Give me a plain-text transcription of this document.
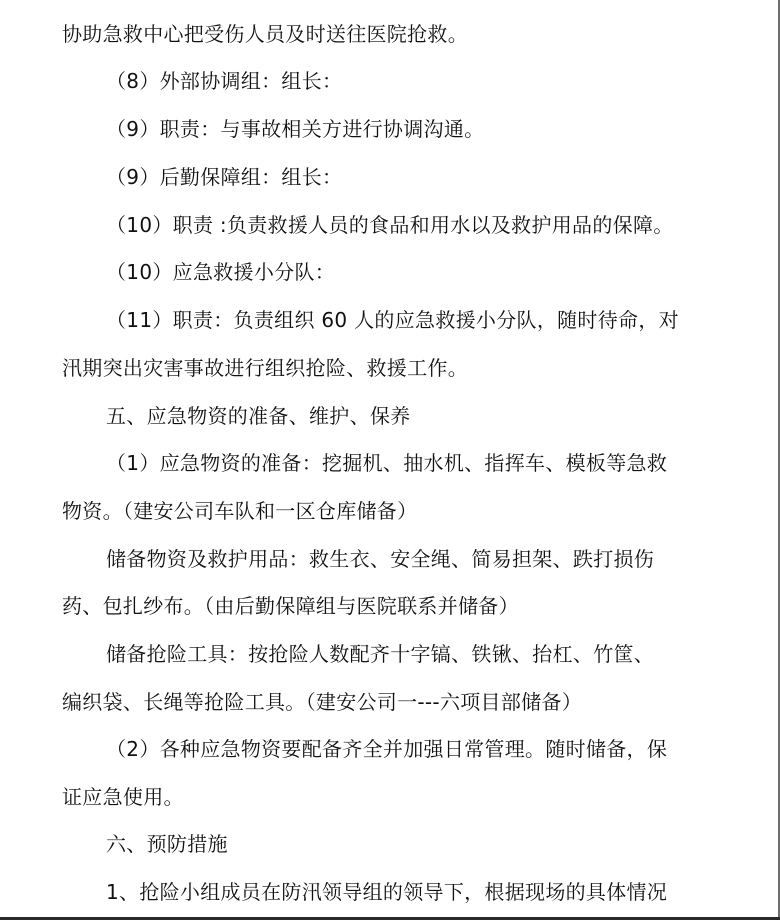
协助急救中心把受伤人员及时送往医院抢救。
（8）外部协调组：组长：
（9）职责：与事故相关方进行协调沟通。
（9）后勤保障组：组长：
（10）职责 :负责救援人员的食品和用水以及救护用品的保障。
（10）应急救援小分队：
（11）职责：负责组织 60 人的应急救援小分队，随时待命，对
汛期突出灾害事故进行组织抢险、救援工作。
五、应急物资的准备、维护、保养
（1）应急物资的准备：挖掘机、抽水机、指挥车、模板等急救
物资。（建安公司车队和一区仓库储备）
储备物资及救护用品：救生衣、安全绳、简易担架、跌打损伤
药、包扎纱布。（由后勤保障组与医院联系并储备）
储备抢险工具：按抢险人数配齐十字镐、铁锹、抬杠、竹筐、
编织袋、长绳等抢险工具。（建安公司一---六项目部储备）
（2）各种应急物资要配备齐全并加强日常管理。随时储备，保
证应急使用。
六、预防措施
1、抢险小组成员在防汛领导组的领导下，根据现场的具体情况
